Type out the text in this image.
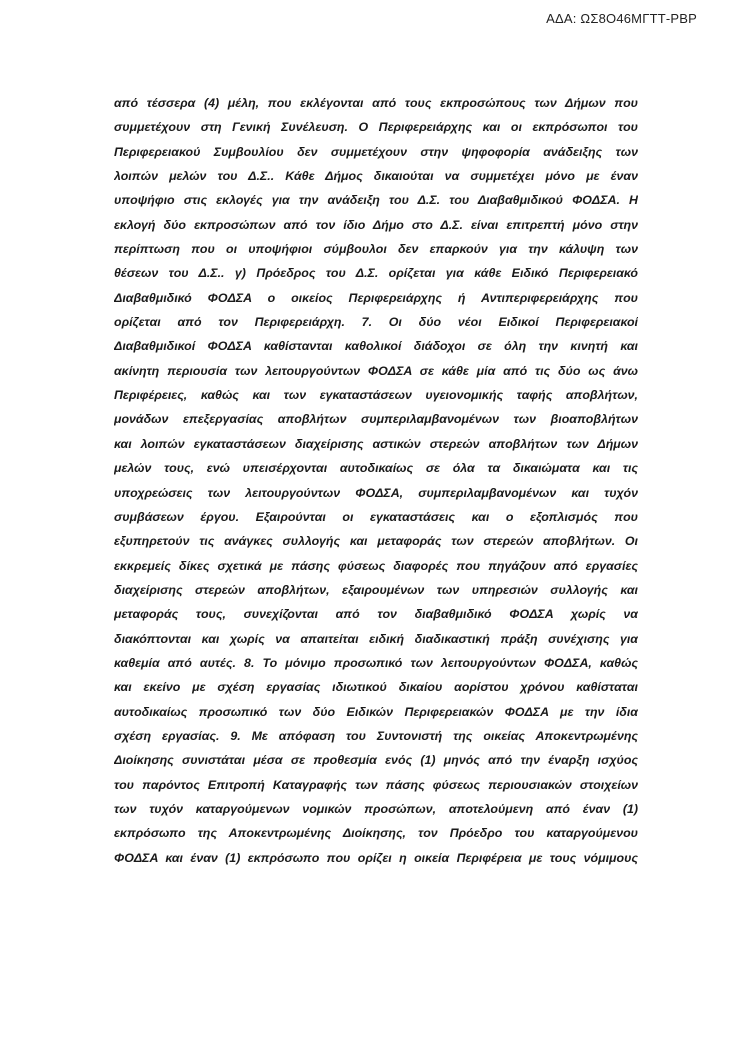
ΑΔΑ: ΩΣ8Ο46ΜΓΤΤ-ΡΒΡ
από τέσσερα (4) μέλη, που εκλέγονται από τους εκπροσώπους των Δήμων που
συμμετέχουν στη Γενική Συνέλευση. Ο Περιφερειάρχης και οι εκπρόσωποι του
Περιφερειακού Συμβουλίου δεν συμμετέχουν στην ψηφοφορία ανάδειξης των
λοιπών μελών του Δ.Σ.. Κάθε Δήμος δικαιούται να συμμετέχει μόνο με έναν
υποψήφιο στις εκλογές για την ανάδειξη του Δ.Σ. του Διαβαθμιδικού ΦΟΔΣΑ. Η
εκλογή δύο εκπροσώπων από τον ίδιο Δήμο στο Δ.Σ. είναι επιτρεπτή μόνο στην
περίπτωση που οι υποψήφιοι σύμβουλοι δεν επαρκούν για την κάλυψη των
θέσεων του Δ.Σ.. γ) Πρόεδρος του Δ.Σ. ορίζεται για κάθε Ειδικό Περιφερειακό
Διαβαθμιδικό ΦΟΔΣΑ ο οικείος Περιφερειάρχης ή Αντιπεριφερειάρχης που
ορίζεται από τον Περιφερειάρχη. 7. Οι δύο νέοι Ειδικοί Περιφερειακοί
Διαβαθμιδικοί ΦΟΔΣΑ καθίστανται καθολικοί διάδοχοι σε όλη την κινητή και
ακίνητη περιουσία των λειτουργούντων ΦΟΔΣΑ σε κάθε μία από τις δύο ως άνω
Περιφέρειες, καθώς και των εγκαταστάσεων υγειονομικής ταφής αποβλήτων,
μονάδων επεξεργασίας αποβλήτων συμπεριλαμβανομένων των βιοαποβλήτων
και λοιπών εγκαταστάσεων διαχείρισης αστικών στερεών αποβλήτων των Δήμων
μελών τους, ενώ υπεισέρχονται αυτοδικαίως σε όλα τα δικαιώματα και τις
υποχρεώσεις των λειτουργούντων ΦΟΔΣΑ, συμπεριλαμβανομένων και τυχόν
συμβάσεων έργου. Εξαιρούνται οι εγκαταστάσεις και ο εξοπλισμός που
εξυπηρετούν τις ανάγκες συλλογής και μεταφοράς των στερεών αποβλήτων. Οι
εκκρεμείς δίκες σχετικά με πάσης φύσεως διαφορές που πηγάζουν από εργασίες
διαχείρισης στερεών αποβλήτων, εξαιρουμένων των υπηρεσιών συλλογής και
μεταφοράς τους, συνεχίζονται από τον διαβαθμιδικό ΦΟΔΣΑ χωρίς να
διακόπτονται και χωρίς να απαιτείται ειδική διαδικαστική πράξη συνέχισης για
καθεμία από αυτές. 8. Το μόνιμο προσωπικό των λειτουργούντων ΦΟΔΣΑ, καθώς
και εκείνο με σχέση εργασίας ιδιωτικού δικαίου αορίστου χρόνου καθίσταται
αυτοδικαίως προσωπικό των δύο Ειδικών Περιφερειακών ΦΟΔΣΑ με την ίδια
σχέση εργασίας. 9. Με απόφαση του Συντονιστή της οικείας Αποκεντρωμένης
Διοίκησης συνιστάται μέσα σε προθεσμία ενός (1) μηνός από την έναρξη ισχύος
του παρόντος Επιτροπή Καταγραφής των πάσης φύσεως περιουσιακών στοιχείων
των τυχόν καταργούμενων νομικών προσώπων, αποτελούμενη από έναν (1)
εκπρόσωπο της Αποκεντρωμένης Διοίκησης, τον Πρόεδρο του καταργούμενου
ΦΟΔΣΑ και έναν (1) εκπρόσωπο που ορίζει η οικεία Περιφέρεια με τους νόμιμους
